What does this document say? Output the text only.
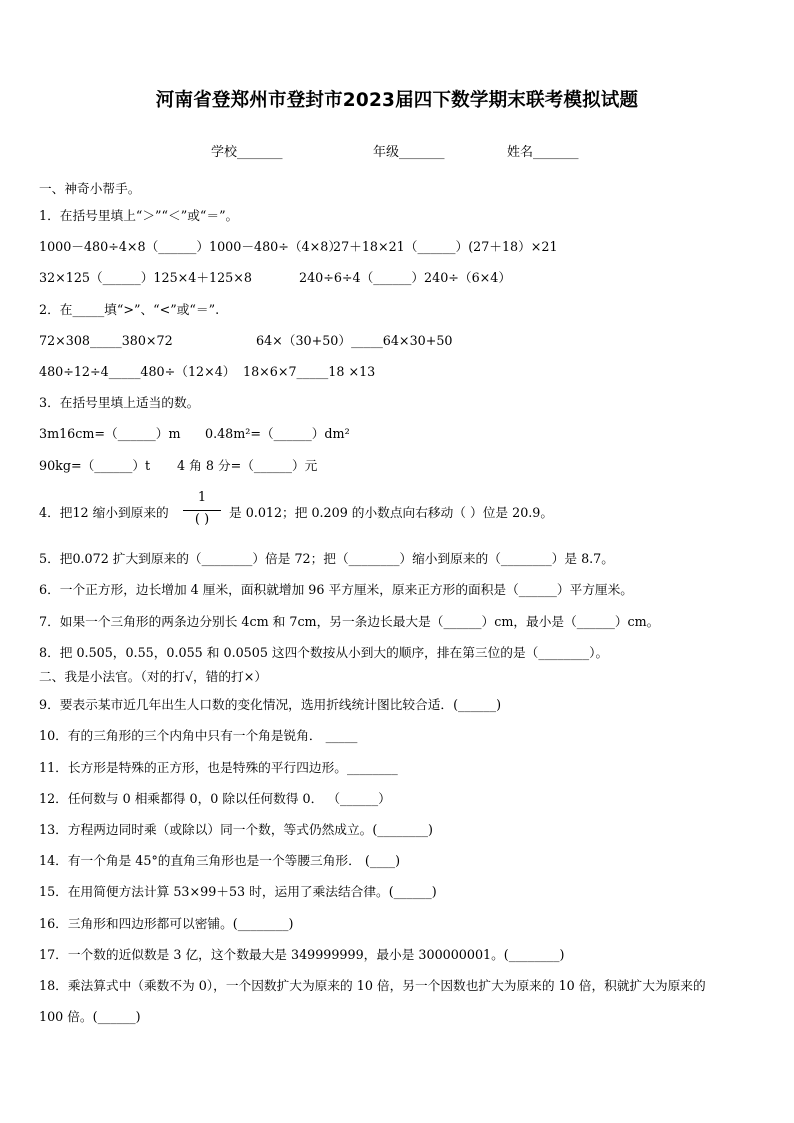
河南省登郑州市登封市2023届四下数学期末联考模拟试题
学校_______	年级_______	姓名_______
一、神奇小帮手。
1．在括号里填上“＞”“＜”或“＝”。
1000－480÷4×8（______）1000－480÷（4×8）
27＋18×21（______）(27＋18）×21
32×125（______）125×4＋125×8	240÷6÷4（______）240÷（6×4）
2．在_____填“>”、“<”或“＝”.
72×308_____380×72	64×（30+50）_____64×30+50
480÷12÷4_____480÷（12×4） 18×6×7_____18 ×13
3．在括号里填上适当的数。
3m16cm=（______）m 0.48m²=（______）dm²
90kg=（______）t 4 角 8 分=（______）元
4．把12 缩小到原来的
1
( )	是 0.012；把 0.209 的小数点向右移动（ ）位是 20.9。
5．把0.072 扩大到原来的（________）倍是 72；把（________）缩小到原来的（________）是 8.7。
6．一个正方形，边长增加 4 厘米，面积就增加 96 平方厘米，原来正方形的面积是（______）平方厘米。
7．如果一个三角形的两条边分别长 4cm 和 7cm，另一条边长最大是（______）cm，最小是（______）cm。
8．把 0.505，0.55，0.055 和 0.0505 这四个数按从小到大的顺序，排在第三位的是（________）。
二、我是小法官。（对的打√，错的打×）
9．要表示某市近几年出生人口数的变化情况，选用折线统计图比较合适．(______)
10．有的三角形的三个内角中只有一个角是锐角． _____
11．长方形是特殊的正方形，也是特殊的平行四边形。________
12．任何数与 0 相乘都得 0，0 除以任何数得 0． （______）
13．方程两边同时乘（或除以）同一个数，等式仍然成立。(________)
14．有一个角是 45°的直角三角形也是一个等腰三角形． (____)
15．在用简便方法计算 53×99＋53 时，运用了乘法结合律。(______)
16．三角形和四边形都可以密铺。(________)
17．一个数的近似数是 3 亿，这个数最大是 349999999，最小是 300000001。(________)
18．乘法算式中（乘数不为 0），一个因数扩大为原来的 10 倍，另一个因数也扩大为原来的 10 倍，积就扩大为原来的
100 倍。(______)
